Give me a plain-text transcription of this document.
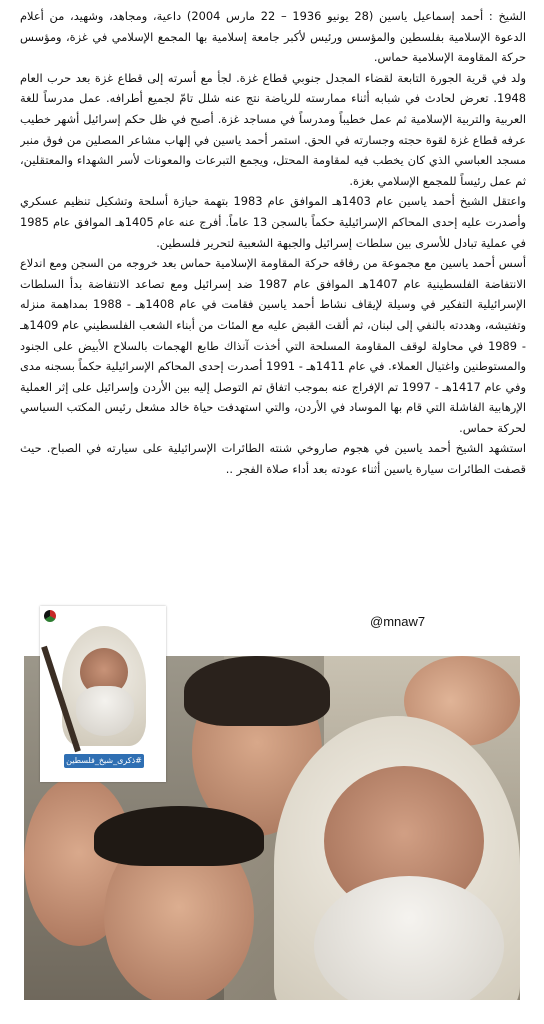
الشيخ : أحمد إسماعيل ياسين (28 يونيو 1936 – 22 مارس 2004) داعية، ومجاهد، وشهيد، من أعلام الدعوة الإسلامية بفلسطين والمؤسس ورئيس لأكبر جامعة إسلامية بها المجمع الإسلامي في غزة، ومؤسس حركة المقاومة الإسلامية حماس.

ولد في قرية الجورة التابعة لقضاء المجدل جنوبي قطاع غزة. لجأ مع أسرته إلى قطاع غزة بعد حرب العام 1948. تعرض لحادث في شبابه أثناء ممارسته للرياضة نتج عنه شلل تامّ لجميع أطرافه. عمل مدرساً للغة العربية والتربية الإسلامية ثم عمل خطيباً ومدرساً في مساجد غزة. أصبح في ظل حكم إسرائيل أشهر خطيب عرفه قطاع غزة لقوة حجته وجسارته في الحق. استمر أحمد ياسين في إلهاب مشاعر المصلين من فوق منبر مسجد العباسي الذي كان يخطب فيه لمقاومة المحتل، ويجمع التبرعات والمعونات لأسر الشهداء والمعتقلين، ثم عمل رئيساً للمجمع الإسلامي بغزة.

واعتقل الشيخ أحمد ياسين عام 1403هـ الموافق عام 1983 بتهمة حيازة أسلحة وتشكيل تنظيم عسكري وأصدرت عليه إحدى المحاكم الإسرائيلية حكماً بالسجن 13 عاماً. أفرج عنه عام 1405هـ الموافق عام 1985 في عملية تبادل للأسرى بين سلطات إسرائيل والجبهة الشعبية لتحرير فلسطين.

أسس أحمد ياسين مع مجموعة من رفاقه حركة المقاومة الإسلامية حماس بعد خروجه من السجن ومع اندلاع الانتفاضة الفلسطينية عام 1407هـ الموافق عام 1987 ضد إسرائيل ومع تصاعد الانتفاضة بدأ السلطات الإسرائيلية التفكير في وسيلة لإيقاف نشاط أحمد ياسين فقامت في عام 1408هـ - 1988 بمداهمة منزله وتفتيشه، وهددته بالنفي إلى لبنان، ثم ألقت القبض عليه مع المئات من أبناء الشعب الفلسطيني عام 1409هـ - 1989 في محاولة لوقف المقاومة المسلحة التي أخذت آنذاك طابع الهجمات بالسلاح الأبيض على الجنود والمستوطنين واغتيال العملاء. في عام 1411هـ - 1991 أصدرت إحدى المحاكم الإسرائيلية حكماً بسجنه مدى وفي عام 1417هـ - 1997 تم الإفراج عنه بموجب اتفاق تم التوصل إليه بين الأردن وإسرائيل على إثر العملية الإرهابية الفاشلة التي قام بها الموساد في الأردن، والتي استهدفت حياة خالد مشعل رئيس المكتب السياسي لحركة حماس.

استشهد الشيخ أحمد ياسين في هجوم صاروخي شنته الطائرات الإسرائيلية على سيارته في الصباح. حيث قصفت الطائرات سيارة ياسين أثناء عودته بعد أداء صلاة الفجر ..

@mnaw7
#ذكرى_شيخ_فلسطين
